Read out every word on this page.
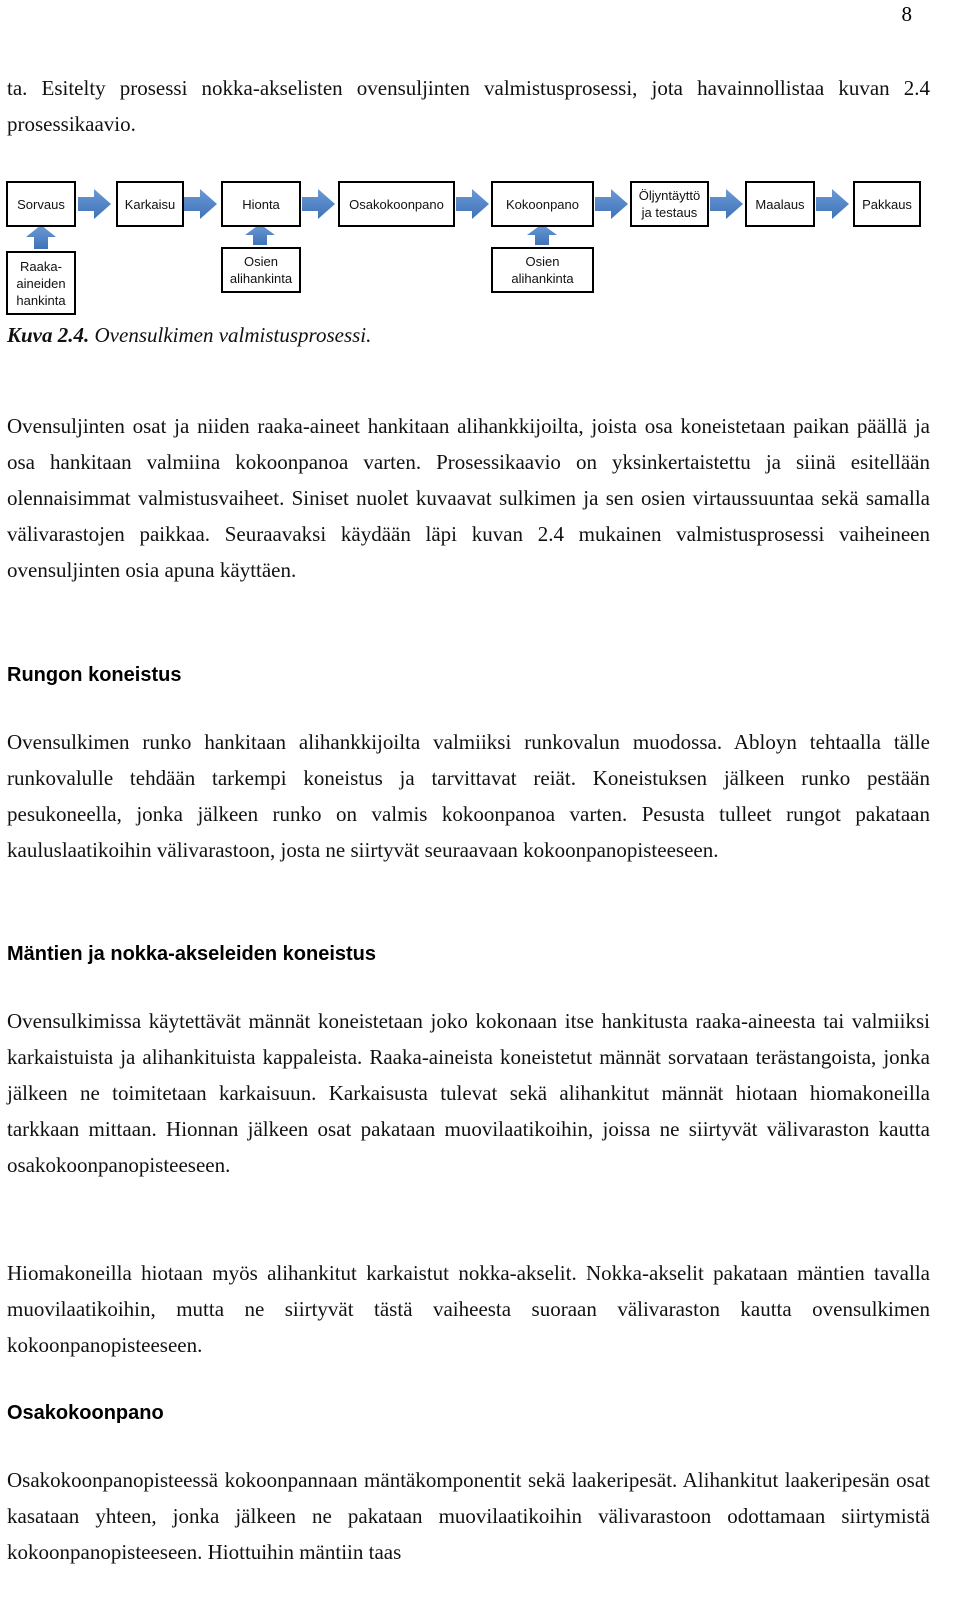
8

ta. Esitelty prosessi nokka-akselisten ovensuljinten valmistusprosessi, jota havainnollistaa kuvan 2.4 prosessikaavio.

Sorvaus	Karkaisu	Hionta	Osakokoonpano	Kokoonpano
Öljyntäyttö
ja testaus
Maalaus	Pakkaus
Raaka-
aineiden
hankinta
Osien
alihankinta
Osien
alihankinta
Kuva 2.4. Ovensulkimen valmistusprosessi.

Ovensuljinten osat ja niiden raaka-aineet hankitaan alihankkijoilta, joista osa koneistetaan paikan päällä ja osa hankitaan valmiina kokoonpanoa varten. Prosessikaavio on yksinkertaistettu ja siinä esitellään olennaisimmat valmistusvaiheet. Siniset nuolet kuvaavat sulkimen ja sen osien virtaussuuntaa sekä samalla välivarastojen paikkaa. Seuraavaksi käydään läpi kuvan 2.4 mukainen valmistusprosessi vaiheineen ovensuljinten osia apuna käyttäen.

Rungon koneistus

Ovensulkimen runko hankitaan alihankkijoilta valmiiksi runkovalun muodossa. Abloyn tehtaalla tälle runkovalulle tehdään tarkempi koneistus ja tarvittavat reiät. Koneistuksen jälkeen runko pestään pesukoneella, jonka jälkeen runko on valmis kokoonpanoa varten. Pesusta tulleet rungot pakataan kauluslaatikoihin välivarastoon, josta ne siirtyvät seuraavaan kokoonpanopisteeseen.

Mäntien ja nokka-akseleiden koneistus

Ovensulkimissa käytettävät männät koneistetaan joko kokonaan itse hankitusta raaka-aineesta tai valmiiksi karkaistuista ja alihankituista kappaleista. Raaka-aineista koneistetut männät sorvataan terästangoista, jonka jälkeen ne toimitetaan karkaisuun. Karkaisusta tulevat sekä alihankitut männät hiotaan hiomakoneilla tarkkaan mittaan. Hionnan jälkeen osat pakataan muovilaatikoihin, joissa ne siirtyvät välivaraston kautta osakokoonpanopisteeseen.

Hiomakoneilla hiotaan myös alihankitut karkaistut nokka-akselit. Nokka-akselit pakataan mäntien tavalla muovilaatikoihin, mutta ne siirtyvät tästä vaiheesta suoraan välivaraston kautta ovensulkimen kokoonpanopisteeseen.

Osakokoonpano

Osakokoonpanopisteessä kokoonpannaan mäntäkomponentit sekä laakeripesät. Alihankitut laakeripesän osat kasataan yhteen, jonka jälkeen ne pakataan muovilaatikoihin välivarastoon odottamaan siirtymistä kokoonpanopisteeseen. Hiottuihin mäntiin taas
